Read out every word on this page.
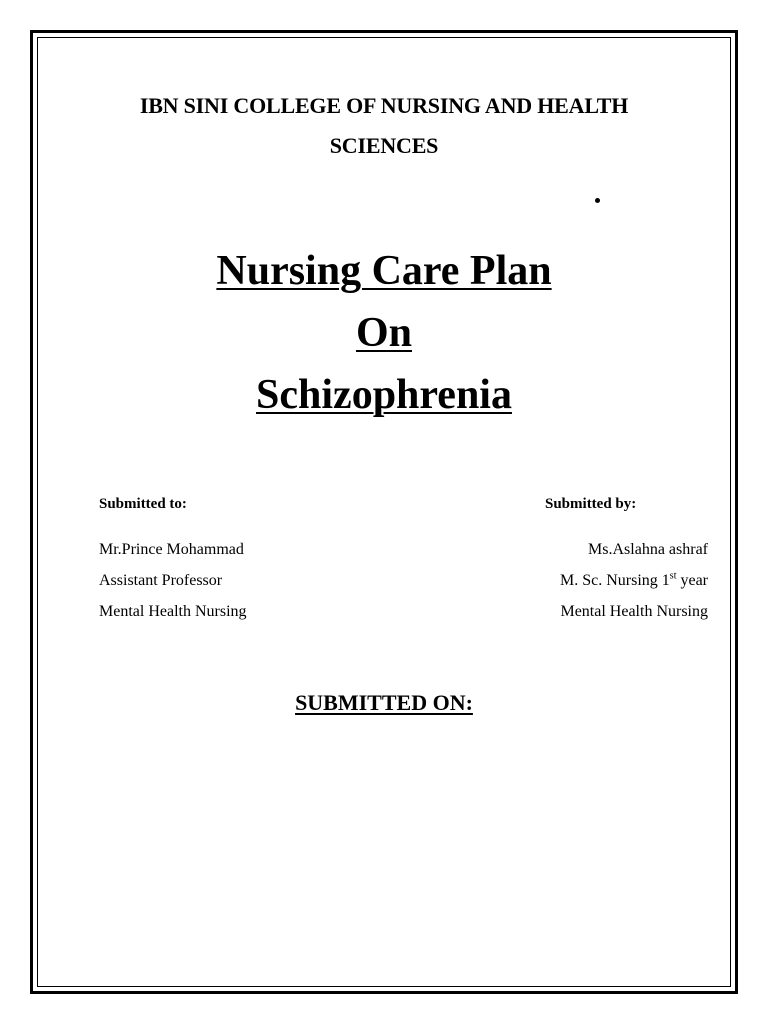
IBN SINI COLLEGE OF NURSING AND HEALTH
SCIENCES
Nursing Care Plan
On
Schizophrenia
Submitted to:
Mr.Prince Mohammad
Assistant Professor
Mental Health Nursing
Submitted by:
Ms.Aslahna ashraf
M. Sc. Nursing 1st year
Mental Health Nursing
SUBMITTED ON:
